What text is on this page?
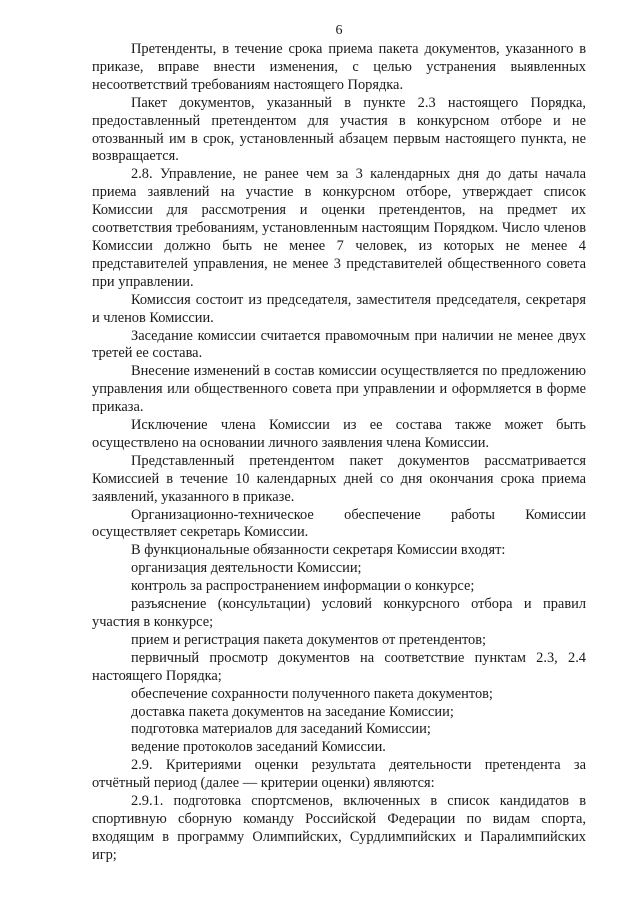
6

Претенденты, в течение срока приема пакета документов, указанного в приказе, вправе внести изменения, с целью устранения выявленных несоответствий требованиям настоящего Порядка.

Пакет документов, указанный в пункте 2.3 настоящего Порядка, предоставленный претендентом для участия в конкурсном отборе и не отозванный им в срок, установленный абзацем первым настоящего пункта, не возвращается.

2.8. Управление, не ранее чем за 3 календарных дня до даты начала приема заявлений на участие в конкурсном отборе, утверждает список Комиссии для рассмотрения и оценки претендентов, на предмет их соответствия требованиям, установленным настоящим Порядком. Число членов Комиссии должно быть не менее 7 человек, из которых не менее 4 представителей управления, не менее 3 представителей общественного совета при управлении.

Комиссия состоит из председателя, заместителя председателя, секретаря и членов Комиссии.

Заседание комиссии считается правомочным при наличии не менее двух третей ее состава.

Внесение изменений в состав комиссии осуществляется по предложению управления или общественного совета при управлении и оформляется в форме приказа.

Исключение члена Комиссии из ее состава также может быть осуществлено на основании личного заявления члена Комиссии.

Представленный претендентом пакет документов рассматривается Комиссией в течение 10 календарных дней со дня окончания срока приема заявлений, указанного в приказе.

Организационно-техническое обеспечение работы Комиссии осуществляет секретарь Комиссии.

В функциональные обязанности секретаря Комиссии входят:

организация деятельности Комиссии;

контроль за распространением информации о конкурсе;

разъяснение (консультации) условий конкурсного отбора и правил участия в конкурсе;

прием и регистрация пакета документов от претендентов;

первичный просмотр документов на соответствие пунктам 2.3, 2.4 настоящего Порядка;

обеспечение сохранности полученного пакета документов;

доставка пакета документов на заседание Комиссии;

подготовка материалов для заседаний Комиссии;

ведение протоколов заседаний Комиссии.

2.9. Критериями оценки результата деятельности претендента за отчётный период (далее — критерии оценки) являются:

2.9.1. подготовка спортсменов, включенных в список кандидатов в спортивную сборную команду Российской Федерации по видам спорта, входящим в программу Олимпийских, Сурдлимпийских и Паралимпийских игр;
